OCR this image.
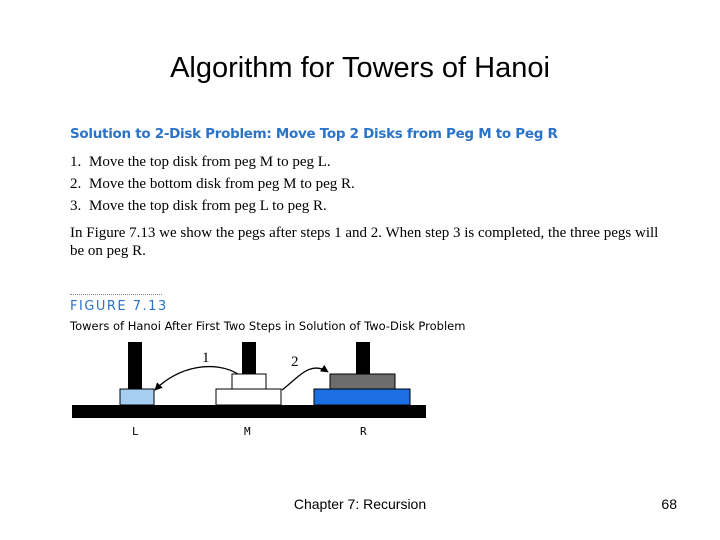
Algorithm for Towers of Hanoi
Solution to 2-Disk Problem: Move Top 2 Disks from Peg M to Peg R
1. Move the top disk from peg M to peg L.
2. Move the bottom disk from peg M to peg R.
3. Move the top disk from peg L to peg R.

In Figure 7.13 we show the pegs after steps 1 and 2. When step 3 is completed, the three pegs will be on peg R.

FIGURE 7.13
Towers of Hanoi After First Two Steps in Solution of Two-Disk Problem
1	2
L	M	R
Chapter 7: Recursion	68
